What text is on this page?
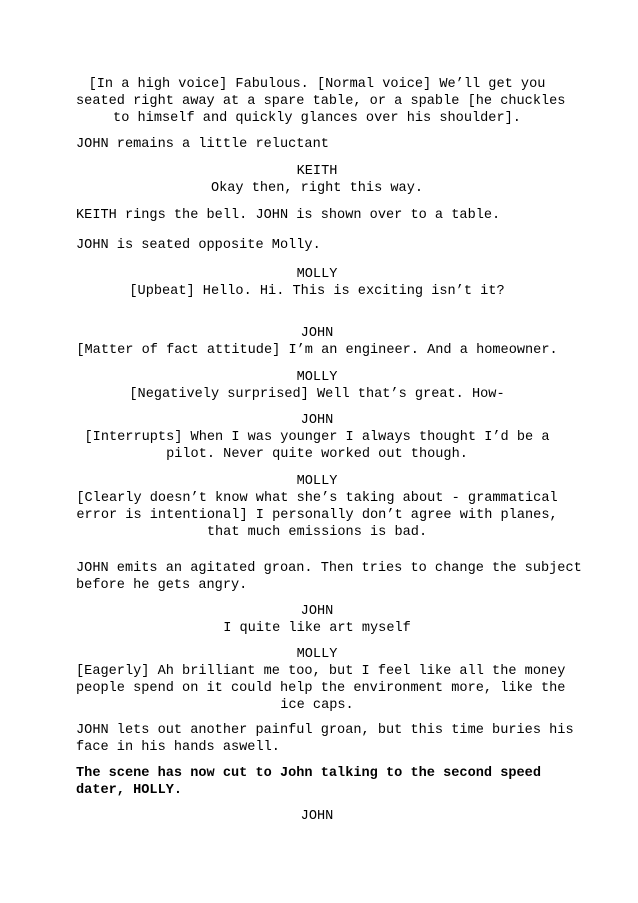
[In a high voice] Fabulous. [Normal voice] We’ll get you
seated right away at a spare table, or a spable [he chuckles
to himself and quickly glances over his shoulder].
JOHN remains a little reluctant
KEITH
Okay then, right this way.
KEITH rings the bell. JOHN is shown over to a table.
JOHN is seated opposite Molly.
MOLLY
[Upbeat] Hello. Hi. This is exciting isn’t it?
JOHN
[Matter of fact attitude] I’m an engineer. And a homeowner.
MOLLY
[Negatively surprised] Well that’s great. How-
JOHN
[Interrupts] When I was younger I always thought I’d be a
pilot. Never quite worked out though.
MOLLY
[Clearly doesn’t know what she’s taking about - grammatical
error is intentional] I personally don’t agree with planes,
that much emissions is bad.
JOHN emits an agitated groan. Then tries to change the subject
before he gets angry.
JOHN
I quite like art myself
MOLLY
[Eagerly] Ah brilliant me too, but I feel like all the money
people spend on it could help the environment more, like the
ice caps.
JOHN lets out another painful groan, but this time buries his
face in his hands aswell.
The scene has now cut to John talking to the second speed
dater, HOLLY.
JOHN
